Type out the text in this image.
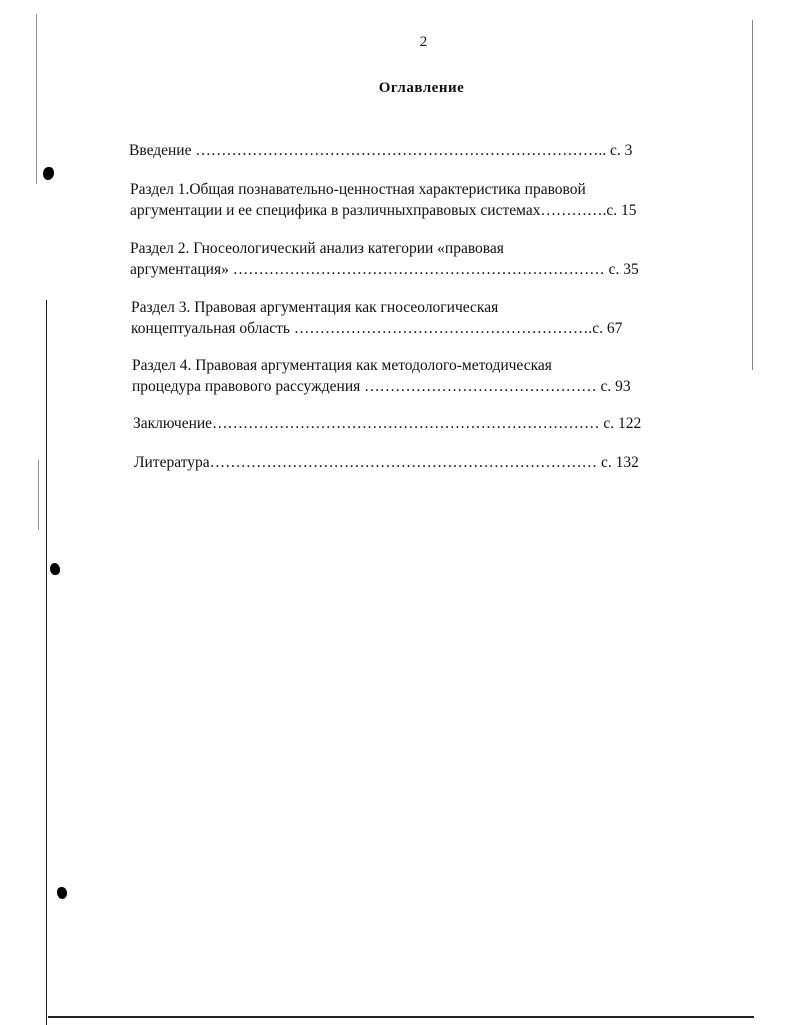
2
Оглавление
Введение …………………………………………………………………….. с. 3
Раздел 1.Общая познавательно-ценностная характеристика правовой
аргументации и ее специфика в различныхправовых системах………….с. 15
Раздел 2. Гносеологический анализ категории «правовая
аргументация» ……………………………………………………………… с. 35
Раздел 3. Правовая аргументация как гносеологическая
концептуальная область ………………………………………………….с. 67
Раздел 4. Правовая аргументация как методолого-методическая
процедура правового рассуждения ……………………………………… с. 93
Заключение………………………………………………………………… с. 122
Литература………………………………………………………………… с. 132
